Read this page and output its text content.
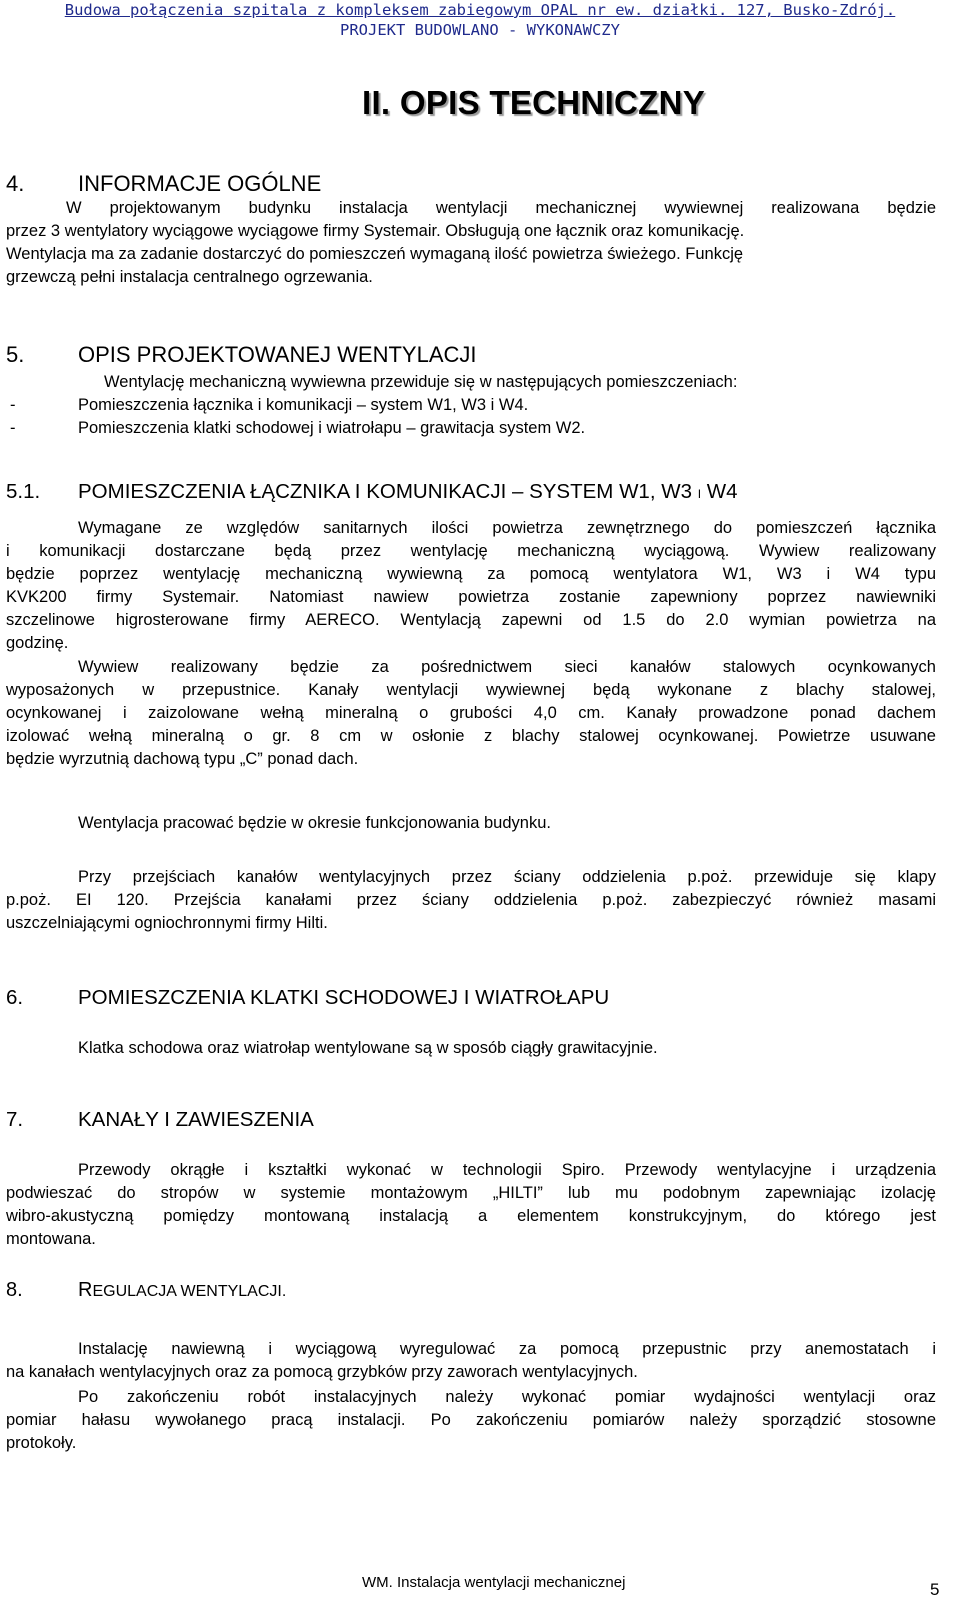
Budowa połączenia szpitala z kompleksem zabiegowym OPAL nr ew. działki. 127, Busko-Zdrój.
PROJEKT BUDOWLANO - WYKONAWCZY
II. OPIS TECHNICZNY
4. INFORMACJE OGÓLNE
W projektowanym budynku instalacja wentylacji mechanicznej wywiewnej realizowana będzie
przez 3 wentylatory wyciągowe wyciągowe firmy Systemair. Obsługują one łącznik oraz komunikację.
Wentylacja ma za zadanie dostarczyć do pomieszczeń wymaganą ilość powietrza świeżego. Funkcję
grzewczą pełni instalacja centralnego ogrzewania.
5. OPIS PROJEKTOWANEJ WENTYLACJI
Wentylację mechaniczną wywiewna przewiduje się w następujących pomieszczeniach:
-	Pomieszczenia łącznika i komunikacji – system W1, W3 i W4.
-	Pomieszczenia klatki schodowej i wiatrołapu – grawitacja system W2.
5.1. POMIESZCZENIA ŁĄCZNIKA I KOMUNIKACJI – SYSTEM W1, W3 I W4
Wymagane ze względów sanitarnych ilości powietrza zewnętrznego do pomieszczeń łącznika
i komunikacji dostarczane będą przez wentylację mechaniczną wyciągową. Wywiew realizowany
będzie poprzez wentylację mechaniczną wywiewną za pomocą wentylatora W1, W3 i W4 typu
KVK200 firmy Systemair. Natomiast nawiew powietrza zostanie zapewniony poprzez nawiewniki
szczelinowe higrosterowane firmy AERECO. Wentylacją zapewni od 1.5 do 2.0 wymian powietrza na
godzinę.
Wywiew realizowany będzie za pośrednictwem sieci kanałów stalowych ocynkowanych
wyposażonych w przepustnice. Kanały wentylacji wywiewnej będą wykonane z blachy stalowej,
ocynkowanej i zaizolowane wełną mineralną o grubości 4,0 cm. Kanały prowadzone ponad dachem
izolować wełną mineralną o gr. 8 cm w osłonie z blachy stalowej ocynkowanej. Powietrze usuwane
będzie wyrzutnią dachową typu „C” ponad dach.
Wentylacja pracować będzie w okresie funkcjonowania budynku.
Przy przejściach kanałów wentylacyjnych przez ściany oddzielenia p.poż. przewiduje się klapy
p.poż. EI 120. Przejścia kanałami przez ściany oddzielenia p.poż. zabezpieczyć również masami
uszczelniającymi ogniochronnymi firmy Hilti.
6.	POMIESZCZENIA KLATKI SCHODOWEJ I WIATROŁAPU
Klatka schodowa oraz wiatrołap wentylowane są w sposób ciągły grawitacyjnie.
7.	KANAŁY I ZAWIESZENIA
Przewody okrągłe i kształtki wykonać w technologii Spiro. Przewody wentylacyjne i urządzenia
podwieszać do stropów w systemie montażowym „HILTI” lub mu podobnym zapewniając izolację
wibro-akustyczną pomiędzy montowaną instalacją a elementem konstrukcyjnym, do którego jest
montowana.
8.	REGULACJA WENTYLACJI.
Instalację nawiewną i wyciągową wyregulować za pomocą przepustnic przy anemostatach i
na kanałach wentylacyjnych oraz za pomocą grzybków przy zaworach wentylacyjnych.
Po zakończeniu robót instalacyjnych należy wykonać pomiar wydajności wentylacji oraz
pomiar hałasu wywołanego pracą instalacji. Po zakończeniu pomiarów należy sporządzić stosowne
protokoły.
WM. Instalacja wentylacji mechanicznej	5
